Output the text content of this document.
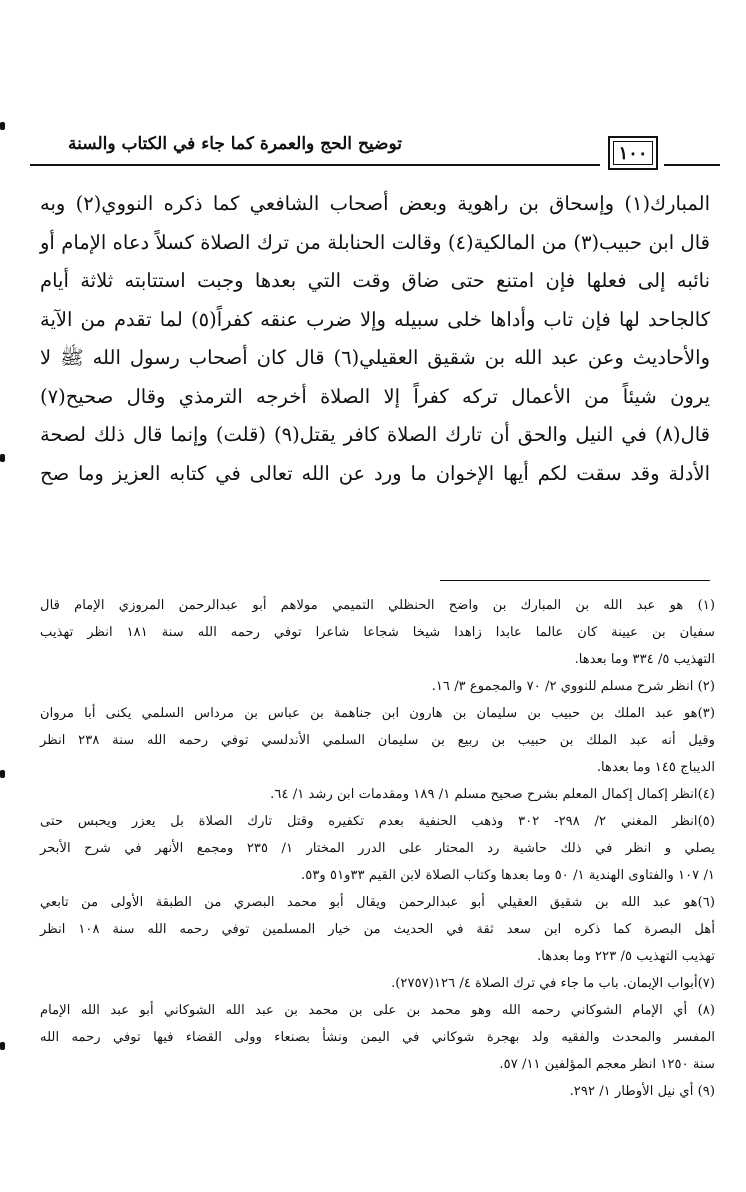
توضيح الحج والعمرة كما جاء في الكتاب والسنة	١٠٠
المبارك(١) وإسحاق بن راهوية وبعض أصحاب الشافعي كما ذكره النووي(٢) وبه
قال ابن حبيب(٣) من المالكية(٤) وقالت الحنابلة من ترك الصلاة كسلاً دعاه الإمام أو
نائبه إلى فعلها فإن امتنع حتى ضاق وقت التي بعدها وجبت استتابته ثلاثة أيام
كالجاحد لها فإن تاب وأداها خلى سبيله وإلا ضرب عنقه كفراً(٥) لما تقدم من الآية
والأحاديث وعن عبد الله بن شقيق العقيلي(٦) قال كان أصحاب رسول الله ﷺ لا
يرون شيئاً من الأعمال تركه كفراً إلا الصلاة أخرجه الترمذي وقال صحيح(٧)
قال(٨) في النيل والحق أن تارك الصلاة كافر يقتل(٩) (قلت) وإنما قال ذلك لصحة
الأدلة وقد سقت لكم أيها الإخوان ما ورد عن الله تعالى في كتابه العزيز وما صح
(١) هو عبد الله بن المبارك بن واضح الحنظلي التميمي مولاهم أبو عبدالرحمن المروزي الإمام قال
سفيان بن عيينة كان عالما عابدا زاهدا شيخا شجاعا شاعرا توفي رحمه الله سنة ١٨١ انظر تهذيب
التهذيب ٥/ ٣٣٤ وما بعدها.
(٢) انظر شرح مسلم للنووي ٢/ ٧٠ والمجموع ٣/ ١٦.
(٣)هو عبد الملك بن حبيب بن سليمان بن هارون ابن جناهمة بن عباس بن مرداس السلمي يكنى أبا مروان
وقيل أنه عبد الملك بن حبيب بن ربيع بن سليمان السلمي الأندلسي توفي رحمه الله سنة ٢٣٨ انظر
الديباج ١٤٥ وما بعدها.
(٤)انظر إكمال إكمال المعلم بشرح صحيح مسلم ١/ ١٨٩ ومقدمات ابن رشد ١/ ٦٤.
(٥)انظر المغني ٢/ ٢٩٨- ٣٠٢ وذهب الحنفية بعدم تكفيره وقتل تارك الصلاة بل يعزر ويحبس حتى
يصلي و انظر في ذلك حاشية رد المحتار على الدرر المختار ١/ ٢٣٥ ومجمع الأنهر في شرح الأبحر
١/ ١٠٧ والفتاوى الهندية ١/ ٥٠ وما بعدها وكتاب الصلاة لابن القيم ٣٣و٥١ و٥٣.
(٦)هو عبد الله بن شقيق العقيلي أبو عبدالرحمن ويقال أبو محمد البصري من الطبقة الأولى من تابعي
أهل البصرة كما ذكره ابن سعد ثقة في الحديث من خيار المسلمين توفي رحمه الله سنة ١٠٨ انظر
تهذيب التهذيب ٥/ ٢٢٣ وما بعدها.
(٧)أبواب الإيمان. باب ما جاء في ترك الصلاة ٤/ ١٢٦(٢٧٥٧).
(٨) أي الإمام الشوكاني رحمه الله وهو محمد بن على بن محمد بن عبد الله الشوكاني أبو عبد الله الإمام
المفسر والمحدث والفقيه ولد بهجرة شوكاني في اليمن ونشأ بصنعاء وولى القضاء فيها توفي رحمه الله
سنة ١٢٥٠ انظر معجم المؤلفين ١١/ ٥٧.
(٩) أي نيل الأوطار ١/ ٢٩٢.
